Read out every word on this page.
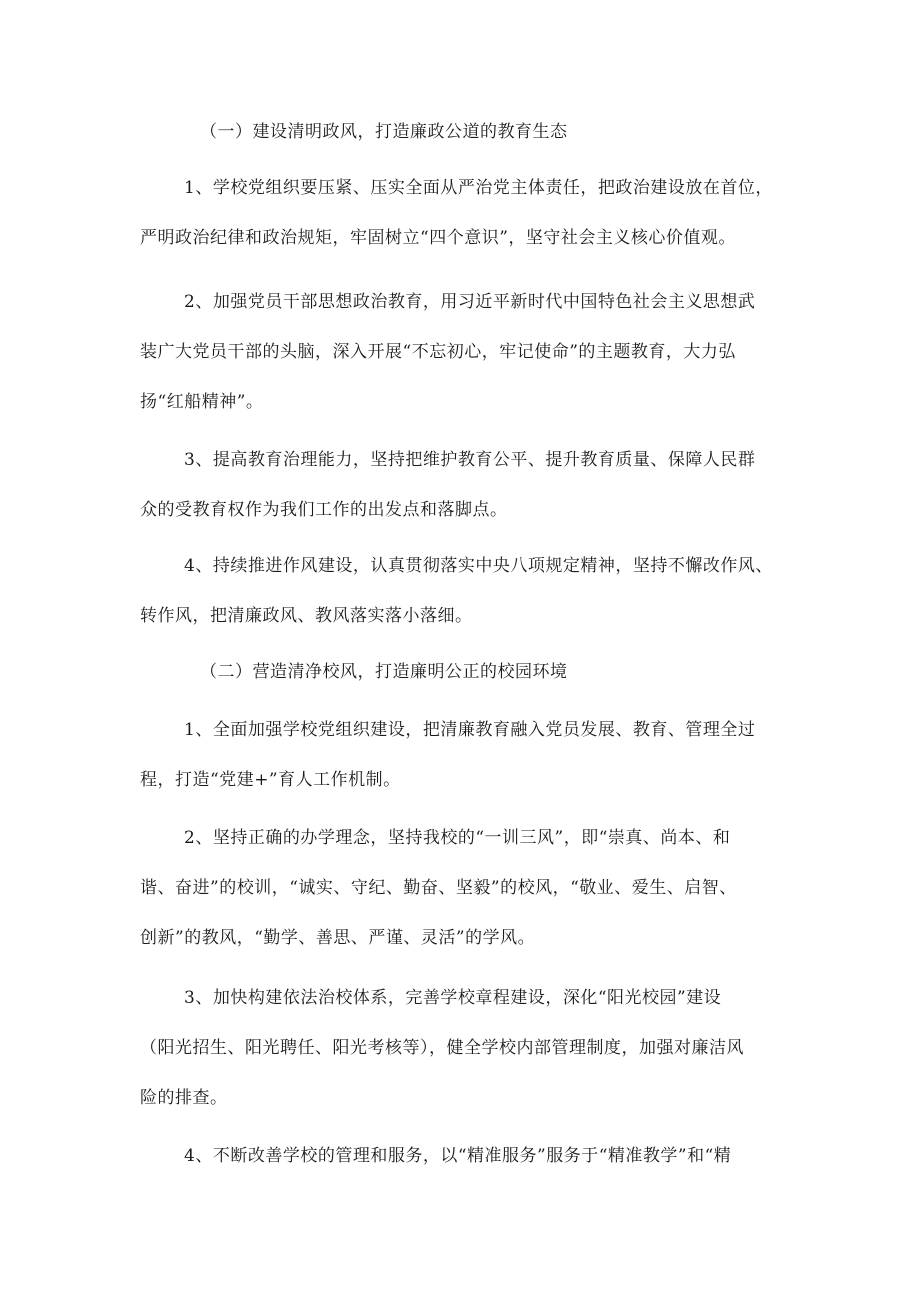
（一）建设清明政风，打造廉政公道的教育生态
1、学校党组织要压紧、压实全面从严治党主体责任，把政治建设放在首位，
严明政治纪律和政治规矩，牢固树立“四个意识”，坚守社会主义核心价值观。
2、加强党员干部思想政治教育，用习近平新时代中国特色社会主义思想武
装广大党员干部的头脑，深入开展“不忘初心，牢记使命”的主题教育，大力弘
扬“红船精神”。
3、提高教育治理能力，坚持把维护教育公平、提升教育质量、保障人民群
众的受教育权作为我们工作的出发点和落脚点。
4、持续推进作风建设，认真贯彻落实中央八项规定精神，坚持不懈改作风、
转作风，把清廉政风、教风落实落小落细。
（二）营造清净校风，打造廉明公正的校园环境
1、全面加强学校党组织建设，把清廉教育融入党员发展、教育、管理全过
程，打造“党建+”育人工作机制。
2、坚持正确的办学理念，坚持我校的“一训三风”，即“崇真、尚本、和
谐、奋进”的校训，“诚实、守纪、勤奋、坚毅”的校风，“敬业、爱生、启智、
创新”的教风，“勤学、善思、严谨、灵活”的学风。
3、加快构建依法治校体系，完善学校章程建设，深化“阳光校园”建设
（阳光招生、阳光聘任、阳光考核等），健全学校内部管理制度，加强对廉洁风
险的排查。
4、不断改善学校的管理和服务，以“精准服务”服务于“精准教学”和“精
